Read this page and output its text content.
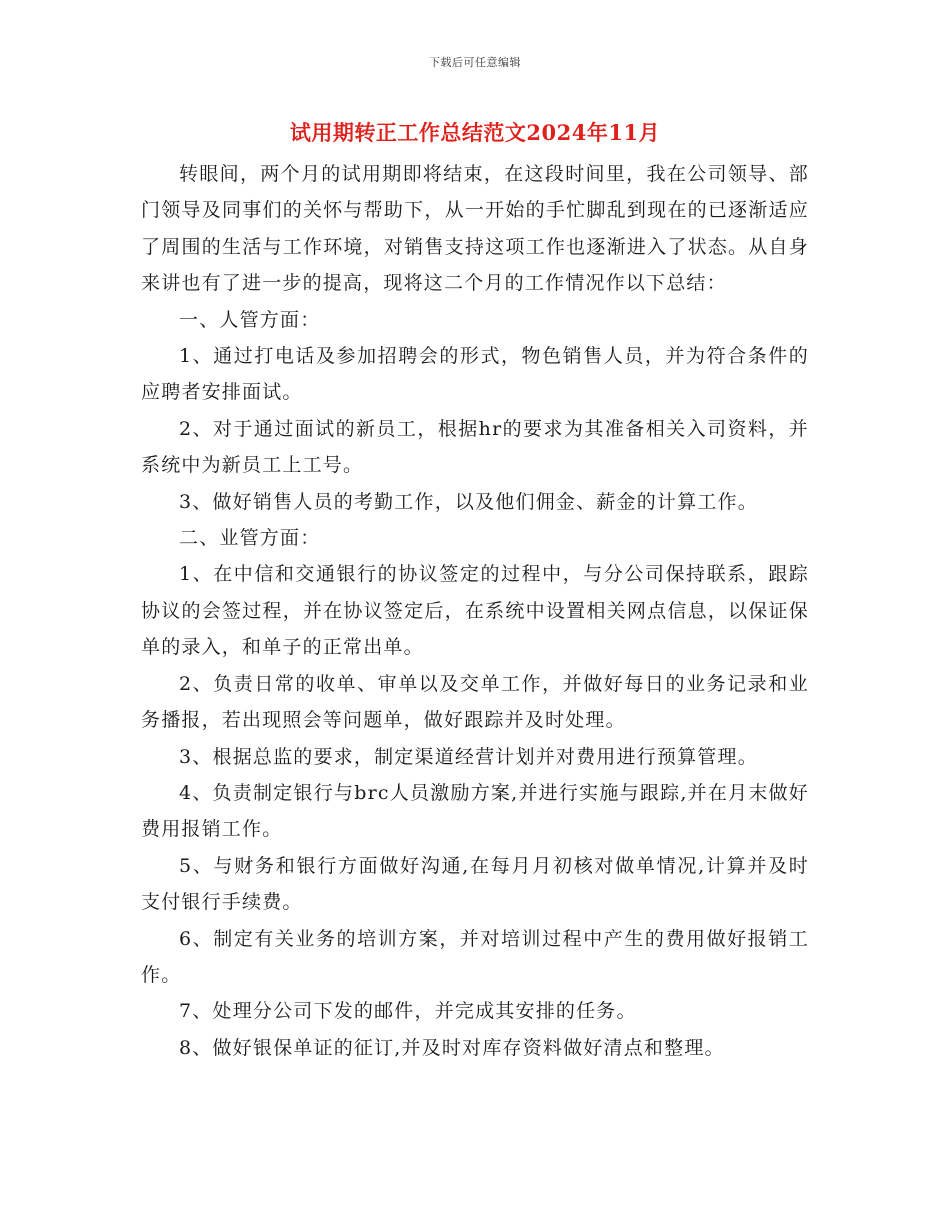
下载后可任意编辑
试用期转正工作总结范文2024年11月

转眼间，两个月的试用期即将结束，在这段时间里，我在公司领导、部门领导及同事们的关怀与帮助下，从一开始的手忙脚乱到现在的已逐渐适应了周围的生活与工作环境，对销售支持这项工作也逐渐进入了状态。从自身来讲也有了进一步的提高，现将这二个月的工作情况作以下总结：

一、人管方面：

1、通过打电话及参加招聘会的形式，物色销售人员，并为符合条件的应聘者安排面试。

2、对于通过面试的新员工，根据hr的要求为其准备相关入司资料，并系统中为新员工上工号。

3、做好销售人员的考勤工作，以及他们佣金、薪金的计算工作。

二、业管方面：

1、在中信和交通银行的协议签定的过程中，与分公司保持联系，跟踪协议的会签过程，并在协议签定后，在系统中设置相关网点信息，以保证保单的录入，和单子的正常出单。

2、负责日常的收单、审单以及交单工作，并做好每日的业务记录和业务播报，若出现照会等问题单，做好跟踪并及时处理。

3、根据总监的要求，制定渠道经营计划并对费用进行预算管理。

4、负责制定银行与brc人员激励方案,并进行实施与跟踪,并在月末做好费用报销工作。

5、与财务和银行方面做好沟通,在每月月初核对做单情况,计算并及时支付银行手续费。

6、制定有关业务的培训方案，并对培训过程中产生的费用做好报销工作。

7、处理分公司下发的邮件，并完成其安排的任务。

8、做好银保单证的征订,并及时对库存资料做好清点和整理。
